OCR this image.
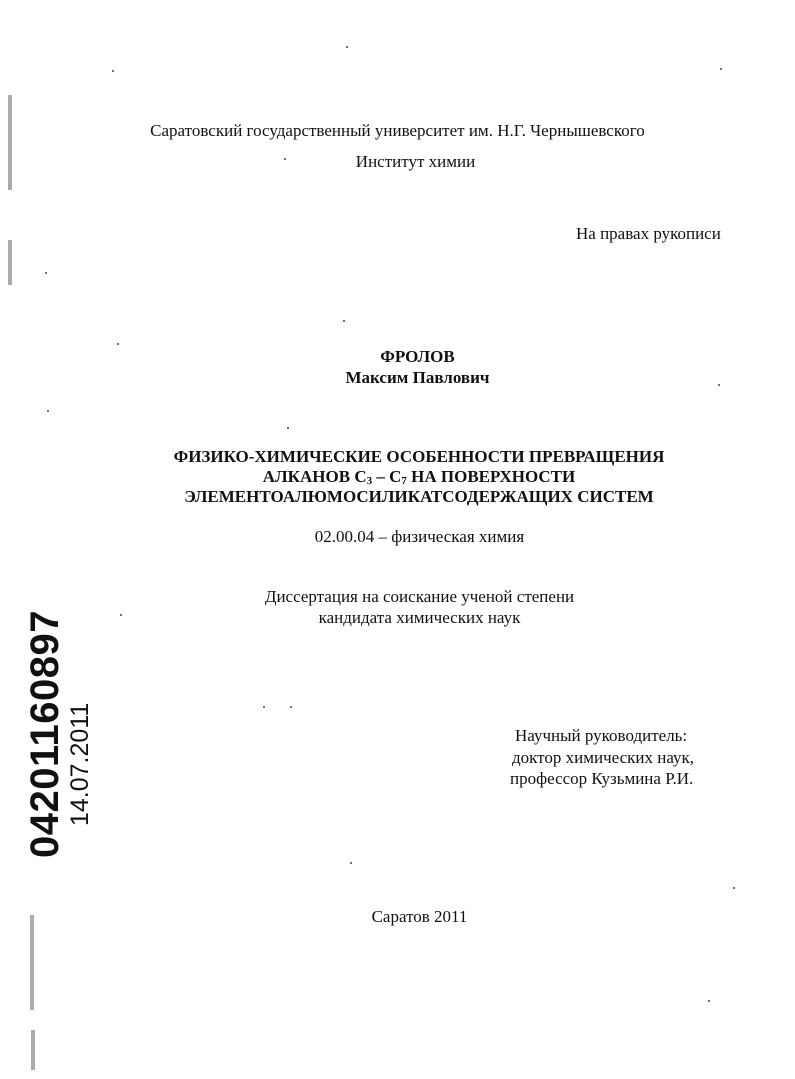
Саратовский государственный университет им. Н.Г. Чернышевского
Институт химии
На правах рукописи
ФРОЛОВ
Максим Павлович
ФИЗИКО-ХИМИЧЕСКИЕ ОСОБЕННОСТИ ПРЕВРАЩЕНИЯ
АЛКАНОВ C3 – C7 НА ПОВЕРХНОСТИ
ЭЛЕМЕНТОАЛЮМОСИЛИКАТСОДЕРЖАЩИХ СИСТЕМ
02.00.04 – физическая химия
Диссертация на соискание ученой степени
кандидата химических наук
Научный руководитель:
доктор химических наук,
профессор Кузьмина Р.И.
Саратов 2011
04201160897 14.07.2011
